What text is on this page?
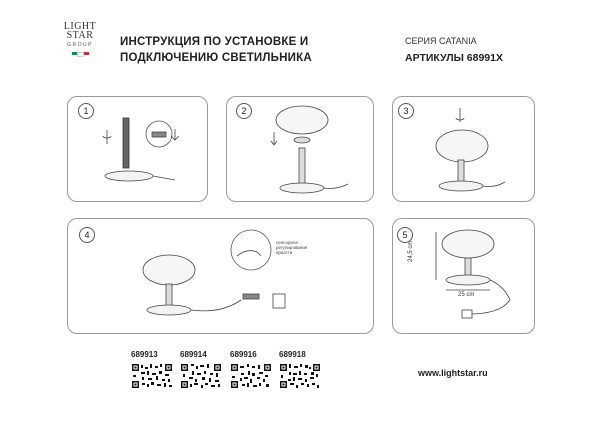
LIGHT
STAR
GROUP	ИНСТРУКЦИЯ ПО УСТАНОВКЕ И
ПОДКЛЮЧЕНИЮ СВЕТИЛЬНИКА
СЕРИЯ CATANIA
АРТИКУЛЫ 68991X
1	2	3
4
сенсорное
регулирование
яркости
5
24,5 cm
25 cm
689913	689914	689916	689918
www.lightstar.ru
